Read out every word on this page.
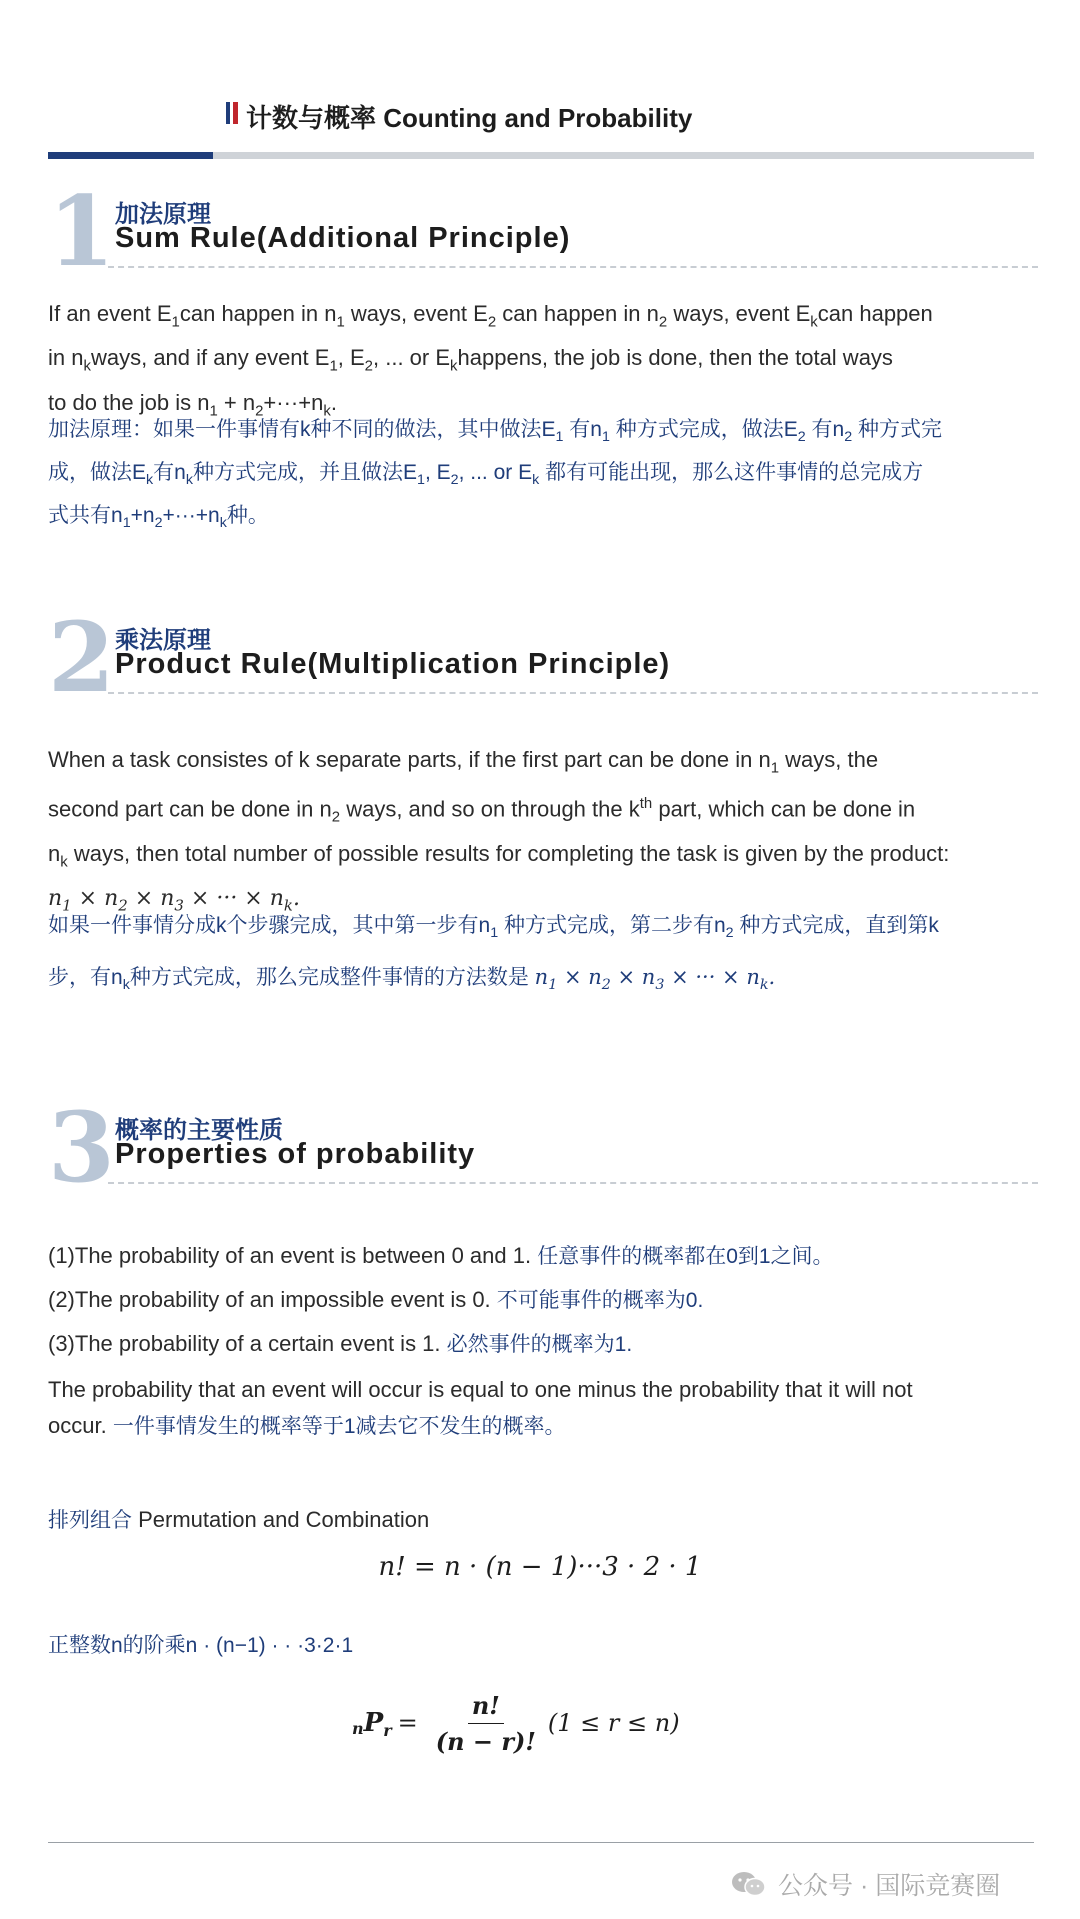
计数与概率 Counting and Probability
1 加法原理
Sum Rule(Additional Principle)
If an event $E_1can$ happen in $n_1$ ways, event $E_2$ can happen in $n_2$ ways, event $E_kcan$ happen
in $n_kways$, and if any event $E_1$, $E_2$, ... or $E_khappens$, the job is done, then the total ways
to do the job is $n_1 + n_2+\cdot\cdot\cdot+n_k$.
加法原理：如果一件事情有k种不同的做法，其中做法$E_1$ 有$n_1$ 种方式完成，做法$E_2$ 有$n_2$ 种方式完
成，做法$E_k$有$n_k$种方式完成，并且做法$E_1$, $E_2$, ... or $E_k$ 都有可能出现，那么这件事情的总完成方
式共有$n_1+n_2+\cdot\cdot\cdot+n_k$种。
2 乘法原理
Product Rule(Multiplication Principle)
When a task consistes of k separate parts, if the first part can be done in $n_1$ ways, the
second part can be done in $n_2$ ways, and so on through the $k^{th}$ part, which can be done in
$n_k$ ways, then total number of possible results for completing the task is given by the product:
$n_1 \times n_2 \times n_3$ × ··· × $n_k$.
如果一件事情分成k个步骤完成，其中第一步有$n_1$ 种方式完成，第二步有$n_2$ 种方式完成，直到第k
步，有$n_k$种方式完成，那么完成整件事情的方法数是 $n_1 \times n_2 \times n_3$ × ··· × $n_k$.
3 概率的主要性质
Properties of probability
(1)The probability of an event is between 0 and 1. 任意事件的概率都在0到1之间。
(2)The probability of an impossible event is 0. 不可能事件的概率为0.
(3)The probability of a certain event is 1. 必然事件的概率为1.
The probability that an event will occur is equal to one minus the probability that it will not
occur. 一件事情发生的概率等于1减去它不发生的概率。
排列组合 Permutation and Combination
n! = n · (n − 1)···3 · 2 · 1
正整数n的阶乘n · (n−1) · · ·3·2·1
n P $r = \frac{n!}{(n - r)!} (1 \le r \le n)$
公众号 · 国际竞赛圈
